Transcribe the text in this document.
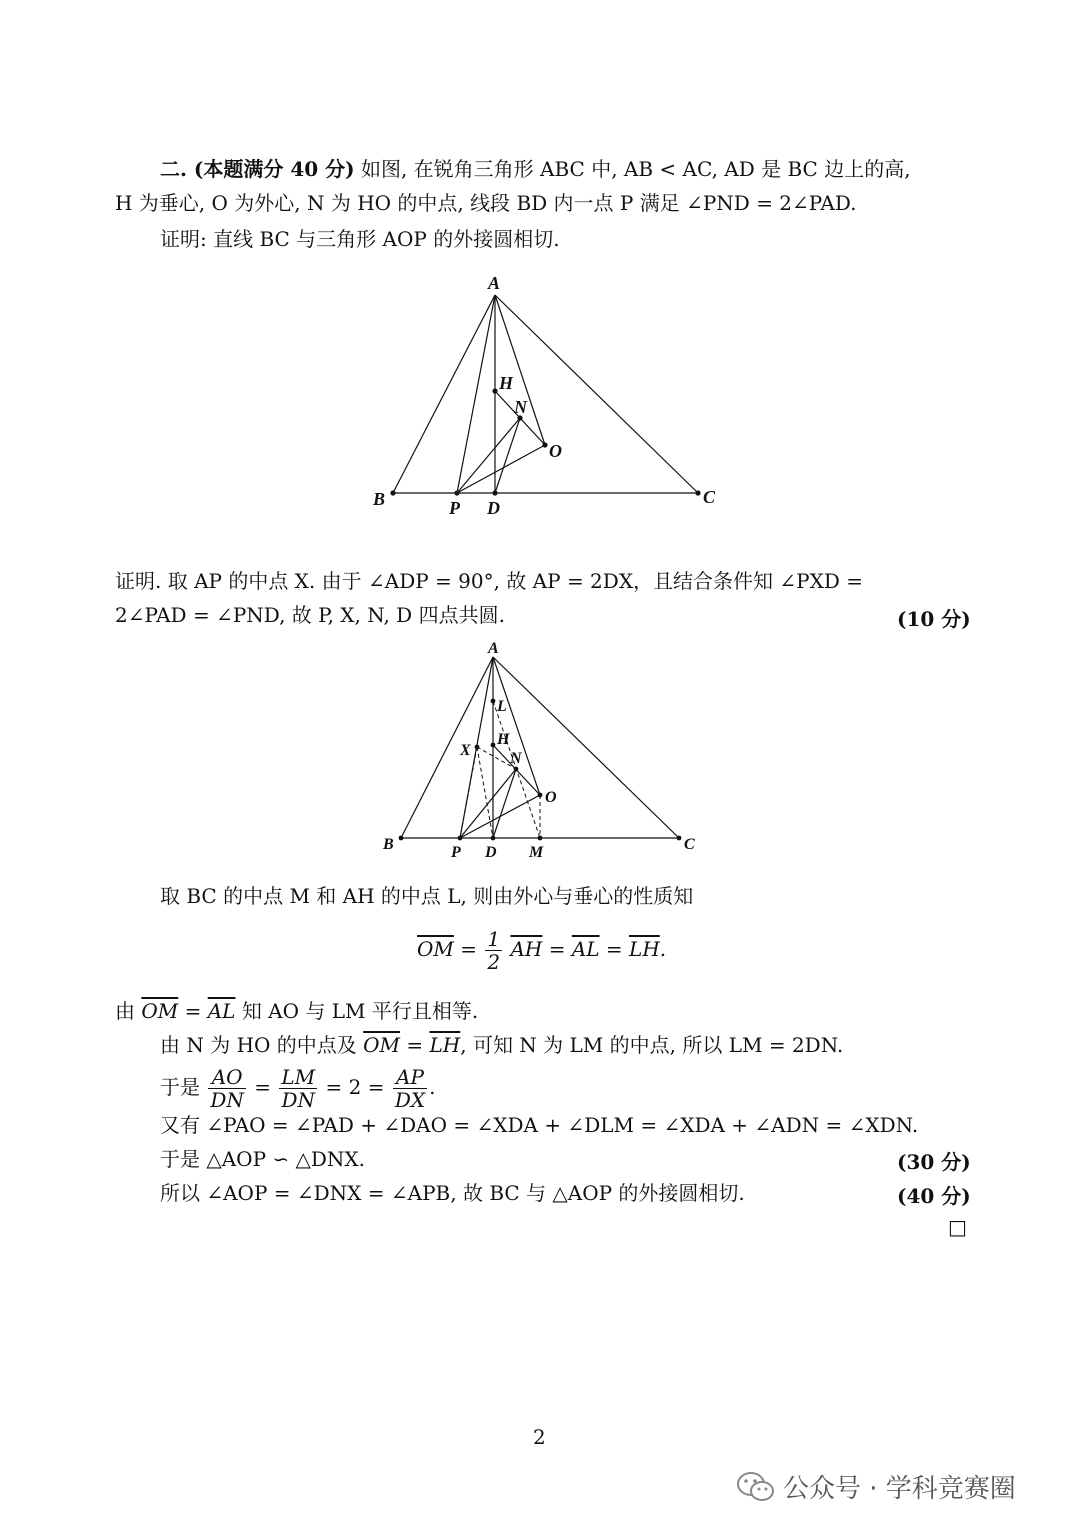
二. (本题满分 40 分) 如图, 在锐角三角形 ABC 中, AB < AC, AD 是 BC 边上的高,
H 为垂心, O 为外心, N 为 HO 的中点, 线段 BD 内一点 P 满足 ∠PND = 2∠PAD.
证明: 直线 BC 与三角形 AOP 的外接圆相切.
A
H
N
O
B	P D
C
证明. 取 AP 的中点 X. 由于 ∠ADP = 90°, 故 AP = 2DX，且结合条件知 ∠PXD =
2∠PAD = ∠PND, 故 P, X, N, D 四点共圆.	(10 分)
A
L
X
H
N
O
B	P D M	C
取 BC 的中点 M 和 AH 的中点 L, 则由外心与垂心的性质知
$\overline{OM} = \frac{1}{2} \overline{AH} = \overline{AL} = \overline{LH}$.
由 $\overline{OM} = \overline{AL}$ 知 AO 与 LM 平行且相等.
由 N 为 HO 的中点及 $\overline{OM} = \overline{LH}$, 可知 N 为 LM 的中点, 所以 LM = 2DN.
于是 $\frac{AO}{DN} = \frac{LM}{DN} = 2 = \frac{AP}{DX}$ .
又有 ∠PAO = ∠PAD + ∠DAO = ∠XDA + ∠DLM = ∠XDA + ∠ADN = ∠XDN.
于是 △AOP ∽ △DNX.	(30 分)
所以 ∠AOP = ∠DNX = ∠APB, 故 BC 与 △AOP 的外接圆相切.	(40 分)
□
2
公众号 · 学科竞赛圈
